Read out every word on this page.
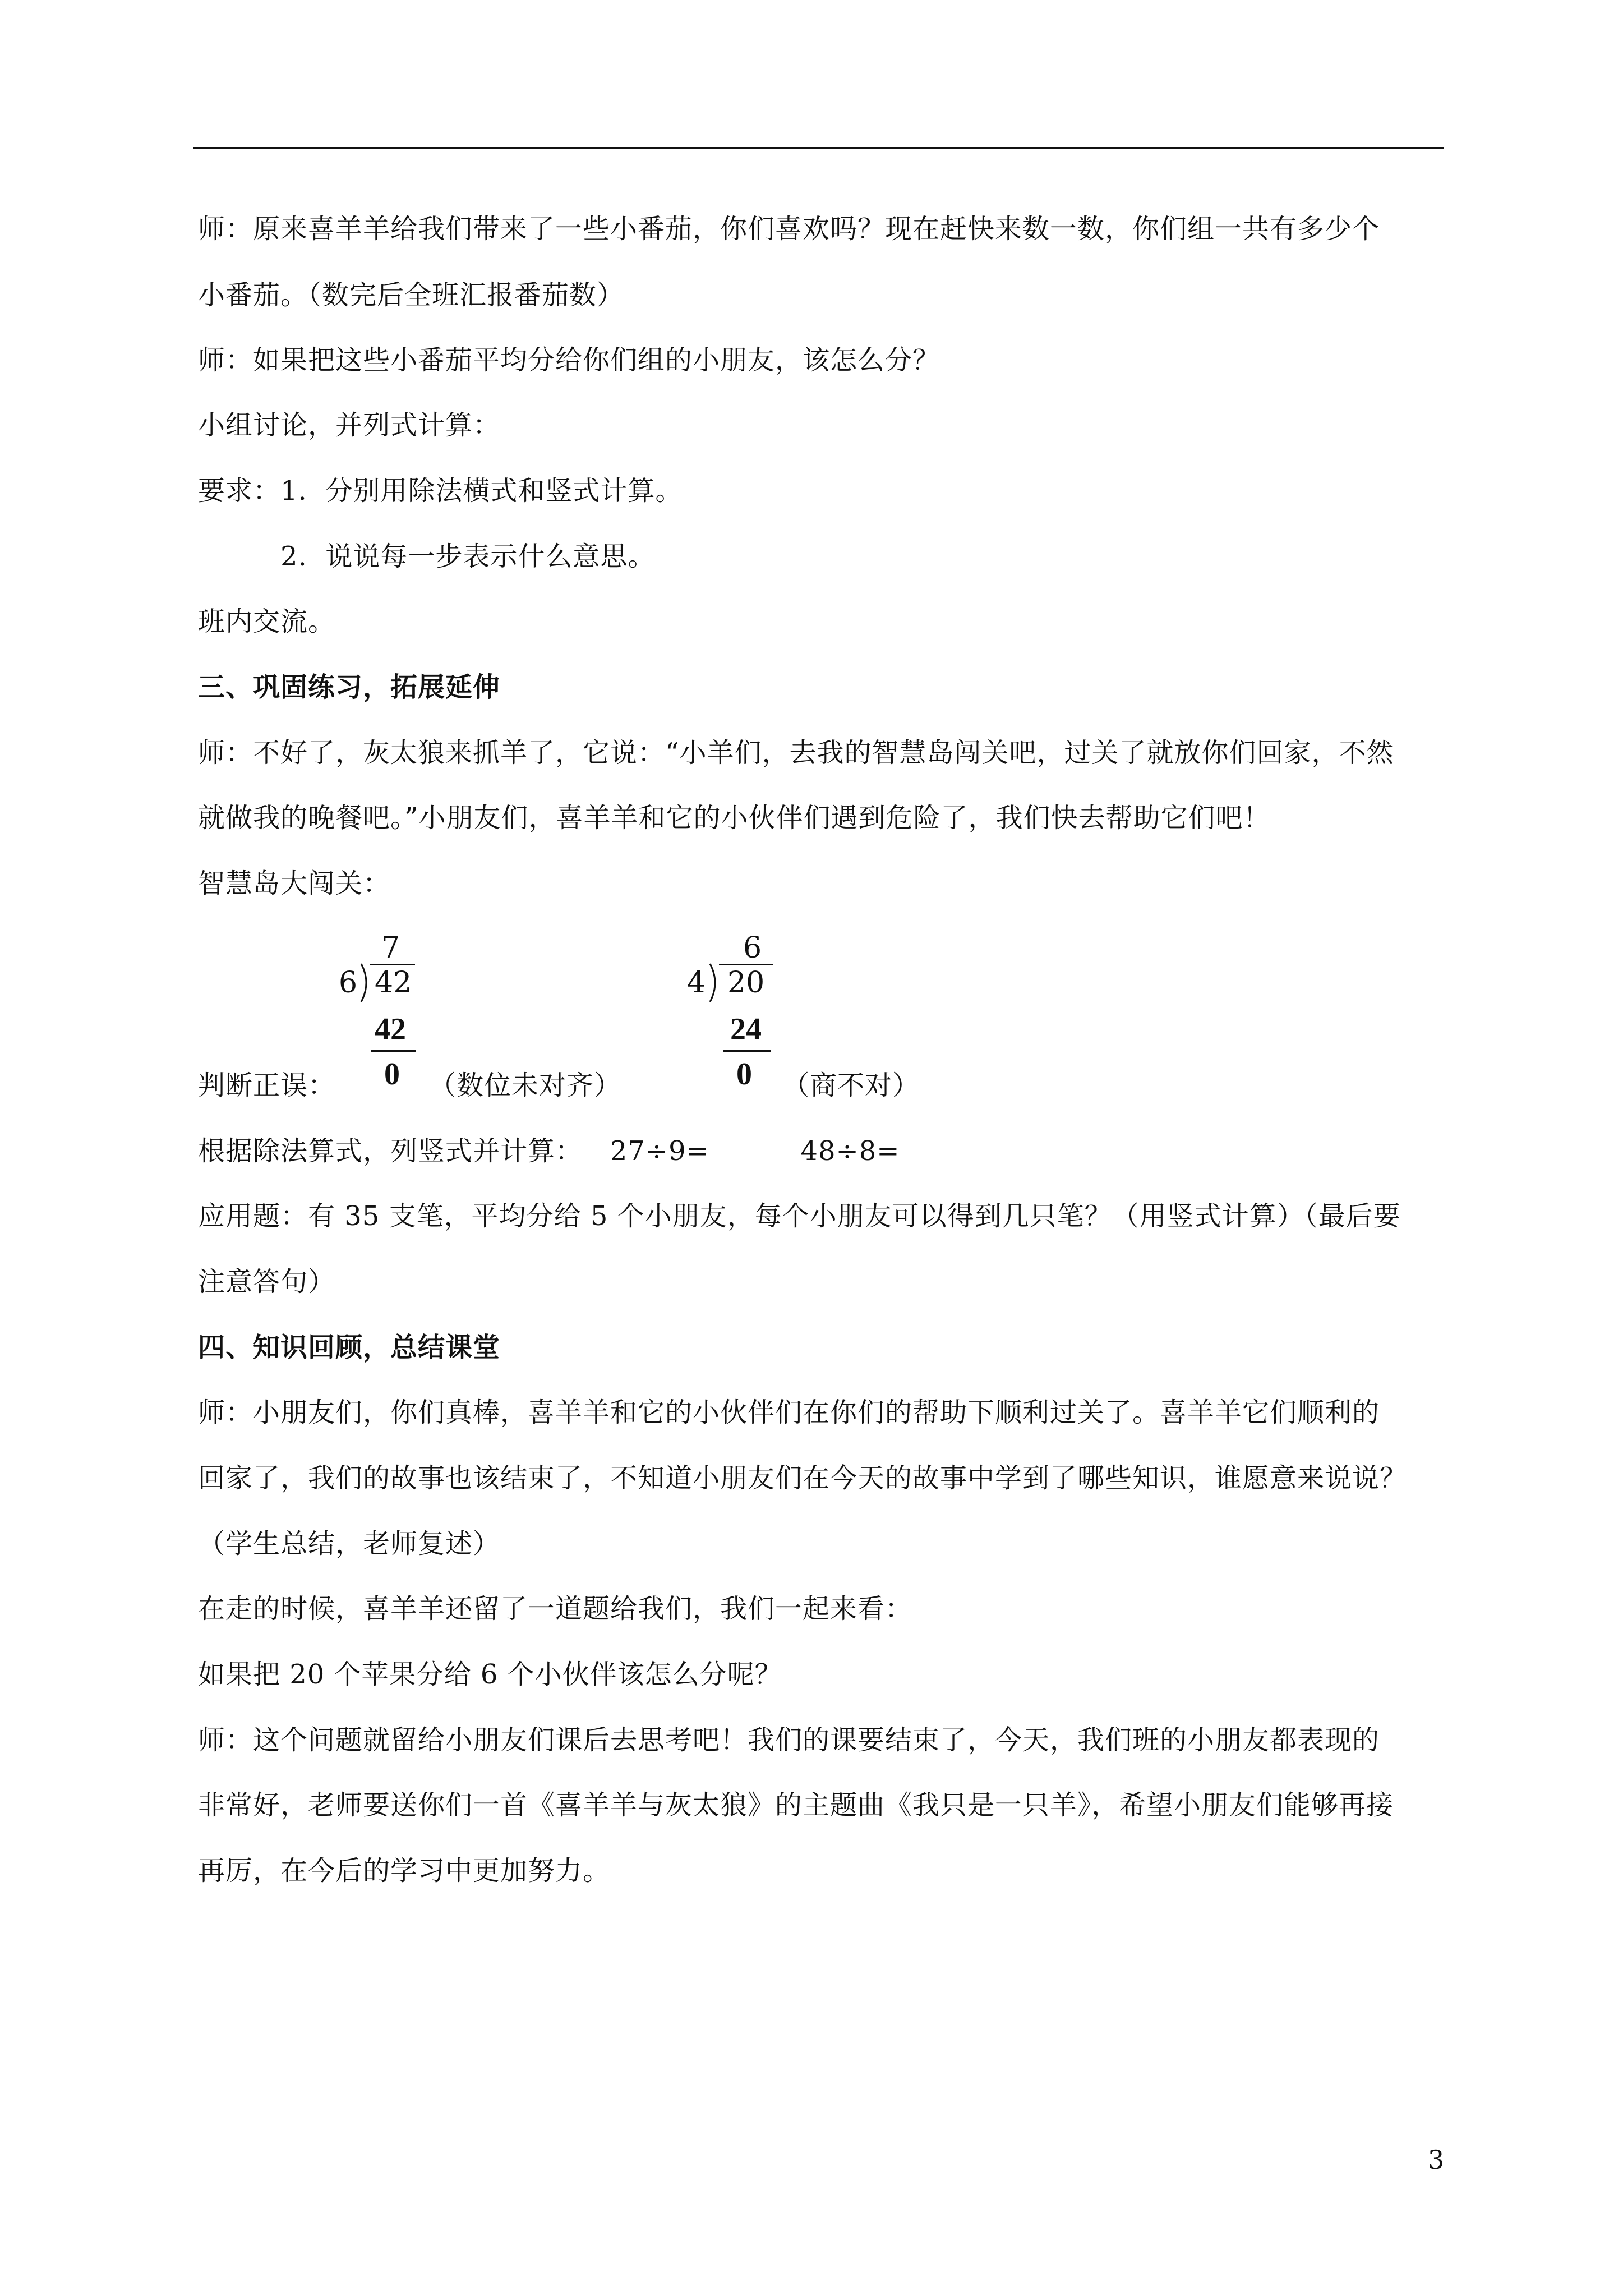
师：原来喜羊羊给我们带来了一些小番茄，你们喜欢吗？现在赶快来数一数，你们组一共有多少个
小番茄。（数完后全班汇报番茄数）
师：如果把这些小番茄平均分给你们组的小朋友，该怎么分？
小组讨论，并列式计算：
要求：1.  分别用除法横式和竖式计算。
2.  说说每一步表示什么意思。
班内交流。
三、巩固练习，拓展延伸
师：不好了，灰太狼来抓羊了，它说：“小羊们，去我的智慧岛闯关吧，过关了就放你们回家，不然
就做我的晚餐吧。”小朋友们，喜羊羊和它的小伙伴们遇到危险了，我们快去帮助它们吧！
智慧岛大闯关：
7
6 42
42
0 （数位未对齐）
6
4 20
24
0 （商不对）
判断正误：
根据除法算式，列竖式并计算：   27÷9=          48÷8=
应用题：有 35 支笔，平均分给 5 个小朋友，每个小朋友可以得到几只笔？（用竖式计算）（最后要
注意答句）
四、知识回顾，总结课堂
师：小朋友们，你们真棒，喜羊羊和它的小伙伴们在你们的帮助下顺利过关了。喜羊羊它们顺利的
回家了，我们的故事也该结束了，不知道小朋友们在今天的故事中学到了哪些知识，谁愿意来说说？
（学生总结，老师复述）
在走的时候，喜羊羊还留了一道题给我们，我们一起来看：
如果把 20 个苹果分给 6 个小伙伴该怎么分呢？
师：这个问题就留给小朋友们课后去思考吧！我们的课要结束了，今天，我们班的小朋友都表现的
非常好，老师要送你们一首《喜羊羊与灰太狼》的主题曲《我只是一只羊》，希望小朋友们能够再接
再厉，在今后的学习中更加努力。
3
